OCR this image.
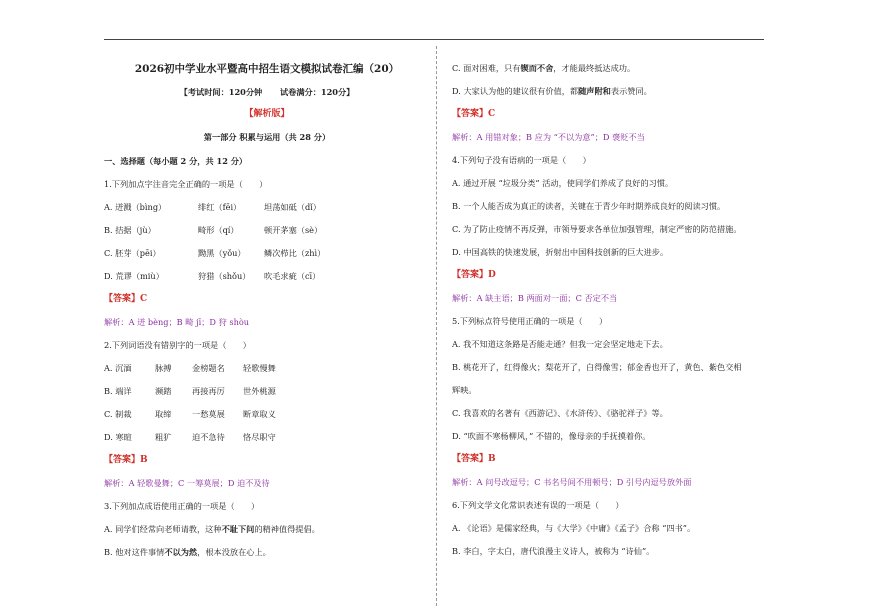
2026初中学业水平暨高中招生语文模拟试卷汇编（20）
【考试时间：120分钟 试卷满分：120分】
【解析版】
第一部分 积累与运用（共 28 分）
一、选择题（每小题 2 分，共 12 分）
1.下列加点字注音完全正确的一项是（　　）
A. 迸溅（bìng）	绯红（fēi）	坦荡如砥（dǐ）
B. 拮据（jù）	畸形（qí）	顿开茅塞（sè）
C. 胚芽（pēi）	黝黑（yǒu） 鳞次栉比（zhì）
D. 荒谬（miù）	狩猎（shǒu） 吹毛求疵（cī）
【答案】C
解析：A 迸 bèng；B 畸 jī；D 狩 shòu
2.下列词语没有错别字的一项是（　　）
A. 沉湎	脉搏	金榜题名 轻歌慢舞
B. 端详	濒踏	再接再厉 世外桃源
C. 制裁	取缔	一愁莫展 断章取义
D. 寒暄	粗犷	迫不急待 恪尽职守
【答案】B
解析：A 轻歌曼舞；C 一筹莫展；D 迫不及待
3.下列加点成语使用正确的一项是（　　）
A. 同学们经常向老师请教，这种不耻下问的精神值得提倡。
B. 他对这件事情不以为然，根本没放在心上。
C. 面对困难，只有锲而不舍，才能最终抵达成功。
D. 大家认为他的建议很有价值，都随声附和表示赞同。
【答案】C
解析：A 用错对象；B 应为 “不以为意”；D 褒贬不当
4.下列句子没有语病的一项是（　　）
A. 通过开展 “垃圾分类” 活动，使同学们养成了良好的习惯。
B. 一个人能否成为真正的读者，关键在于青少年时期养成良好的阅读习惯。
C. 为了防止疫情不再反弹，市领导要求各单位加强管理，制定严密的防范措施。
D. 中国高铁的快速发展，折射出中国科技创新的巨大进步。
【答案】D
解析：A 缺主语；B 两面对一面；C 否定不当
5.下列标点符号使用正确的一项是（　　）
A. 我不知道这条路是否能走通？但我一定会坚定地走下去。
B. 桃花开了，红得像火；梨花开了，白得像雪；郁金香也开了，黄色、紫色交相
辉映。
C. 我喜欢的名著有《西游记》、《水浒传》、《骆驼祥子》等。
D. “吹面不寒杨柳风，” 不错的，像母亲的手抚摸着你。
【答案】B
解析：A 问号改逗号；C 书名号间不用顿号；D 引号内逗号放外面
6.下列文学文化常识表述有误的一项是（　　）
A. 《论语》是儒家经典，与《大学》《中庸》《孟子》合称 “四书”。
B. 李白，字太白，唐代浪漫主义诗人，被称为 “诗仙”。
